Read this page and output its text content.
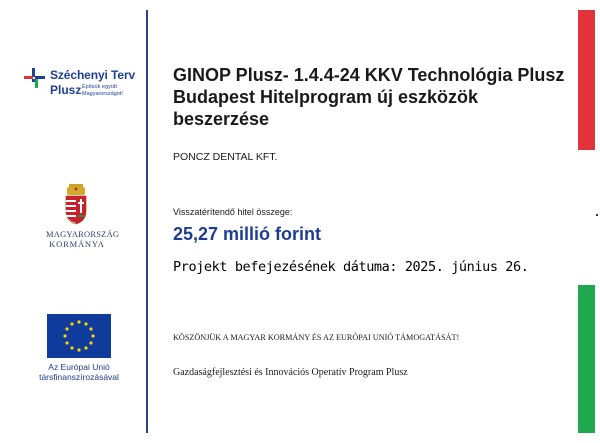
Széchenyi Terv
Plusz Építsük együtt Magyarországot!
MAGYARORSZÁG
KORMÁNYA
Az Európai Unió
társfinanszírozásával
GINOP Plusz- 1.4.4-24 KKV Technológia Plusz Budapest Hitelprogram új eszközök beszerzése
PONCZ DENTAL KFT.
Visszatérítendő hitel összege:
25,27 millió forint
Projekt befejezésének dátuma: 2025. június 26.
KÖSZÖNJÜK A MAGYAR KORMÁNY ÉS AZ EURÓPAI UNIÓ TÁMOGATÁSÁT!
Gazdaságfejlesztési és Innovációs Operatív Program Plusz
